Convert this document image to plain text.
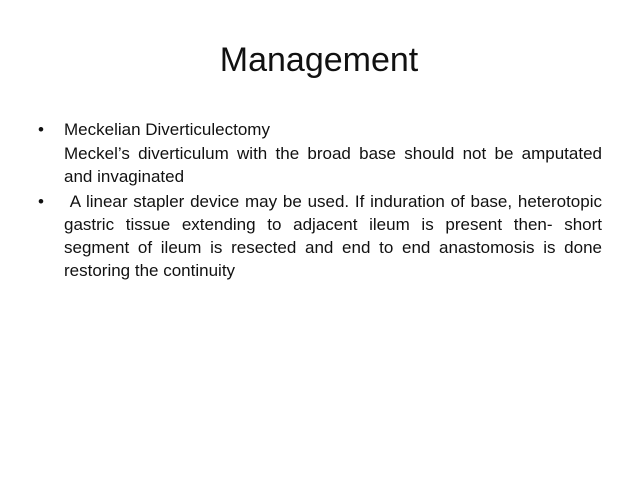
Management
•	Meckelian Diverticulectomy
Meckel’s diverticulum with the broad base should not be amputated and invaginated
•	A linear stapler device may be used. If induration of base, heterotopic gastric tissue extending to adjacent ileum is present then- short segment of ileum is resected and end to end anastomosis is done restoring the continuity
